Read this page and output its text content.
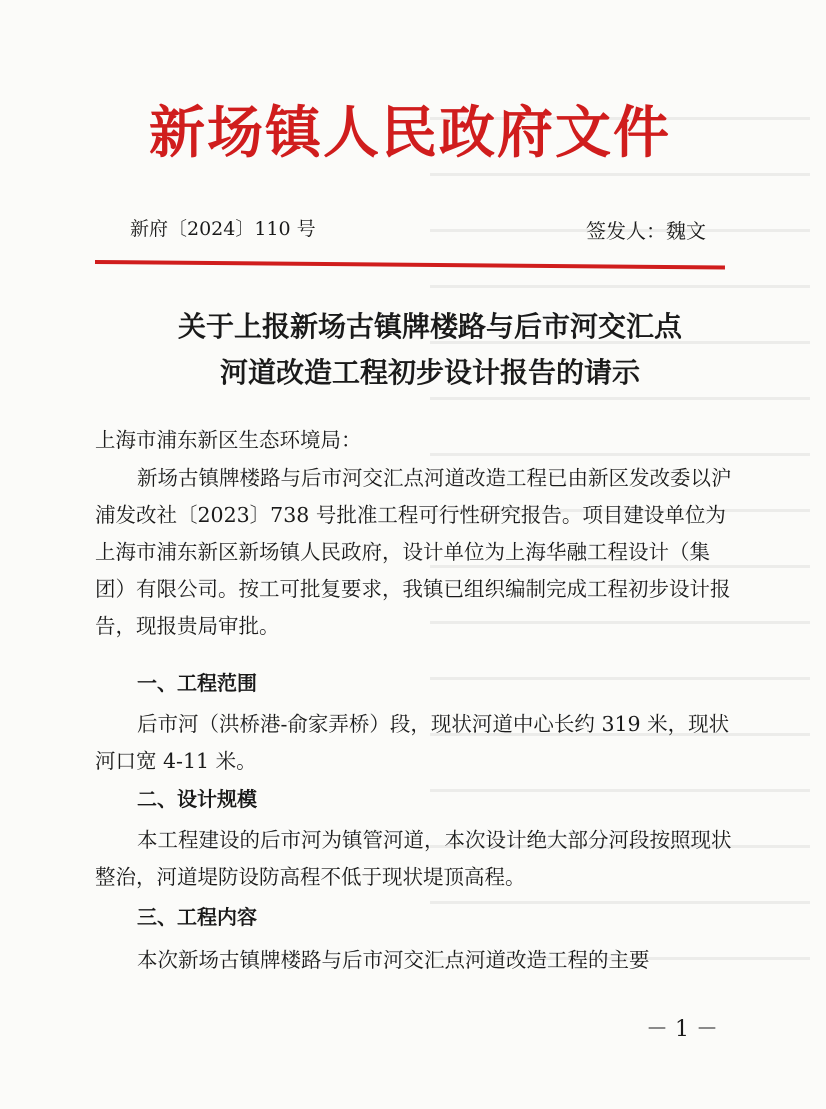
新场镇人民政府文件
新府〔2024〕110 号	签发人：魏文
关于上报新场古镇牌楼路与后市河交汇点
河道改造工程初步设计报告的请示
上海市浦东新区生态环境局：
新场古镇牌楼路与后市河交汇点河道改造工程已由新区发改委以沪浦发改社〔2023〕738 号批准工程可行性研究报告。项目建设单位为上海市浦东新区新场镇人民政府，设计单位为上海华融工程设计（集团）有限公司。按工可批复要求，我镇已组织编制完成工程初步设计报告，现报贵局审批。
一、工程范围
后市河（洪桥港-俞家弄桥）段，现状河道中心长约 319 米，现状河口宽 4-11 米。
二、设计规模
本工程建设的后市河为镇管河道，本次设计绝大部分河段按照现状整治，河道堤防设防高程不低于现状堤顶高程。
三、工程内容
本次新场古镇牌楼路与后市河交汇点河道改造工程的主要
－ 1 －
